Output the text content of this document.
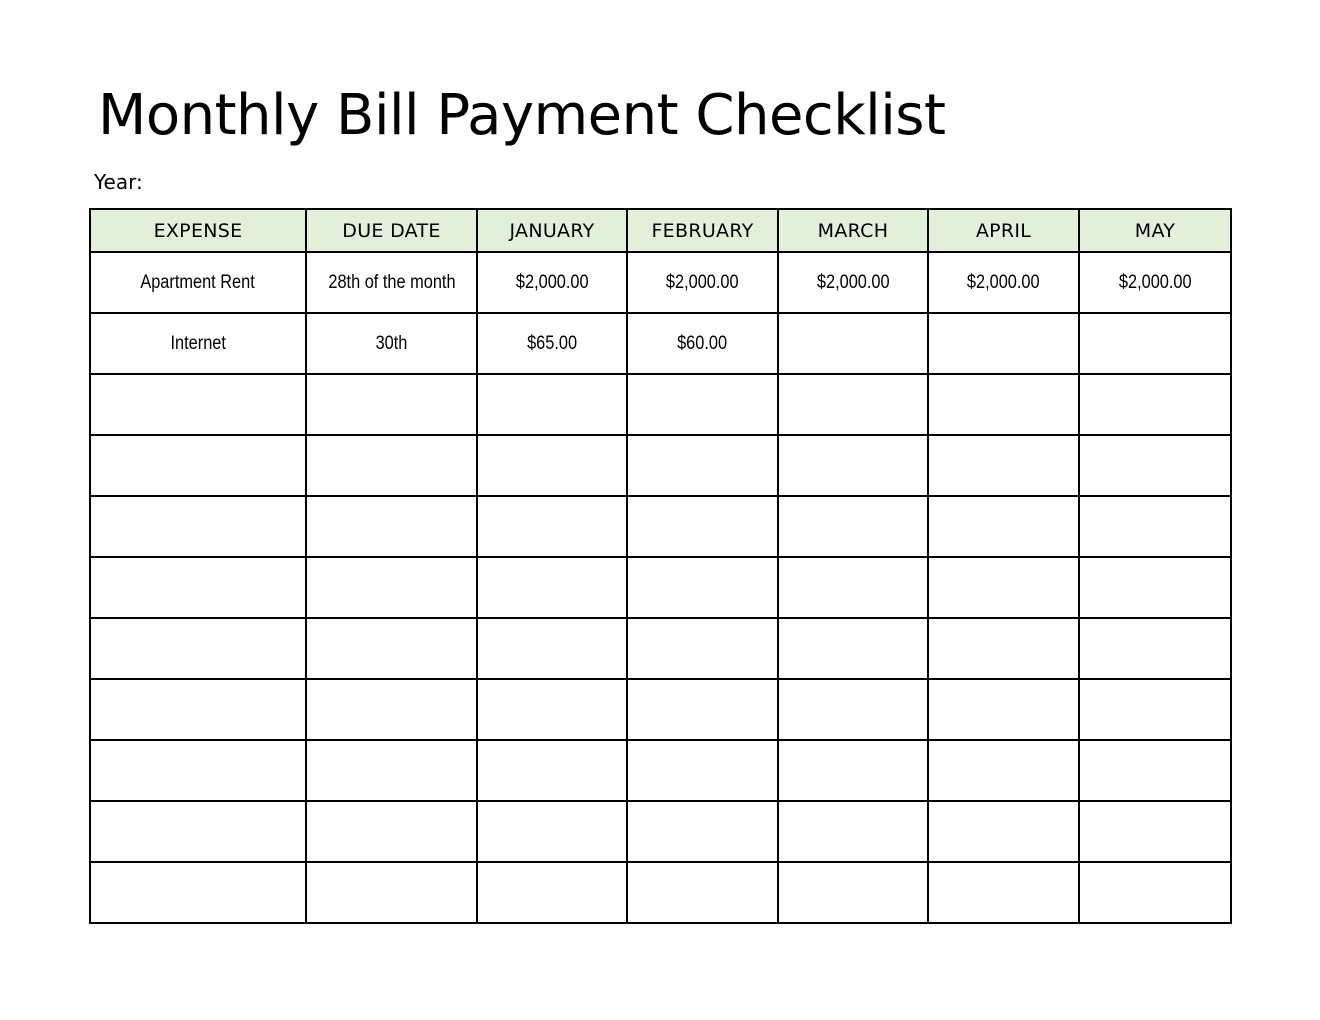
Monthly Bill Payment Checklist
Year:
EXPENSE	DUE DATE	JANUARY	FEBRUARY	MARCH	APRIL	MAY
Apartment Rent	28th of the month	$2,000.00	$2,000.00	$2,000.00	$2,000.00	$2,000.00
Internet	30th	$65.00	$60.00			
